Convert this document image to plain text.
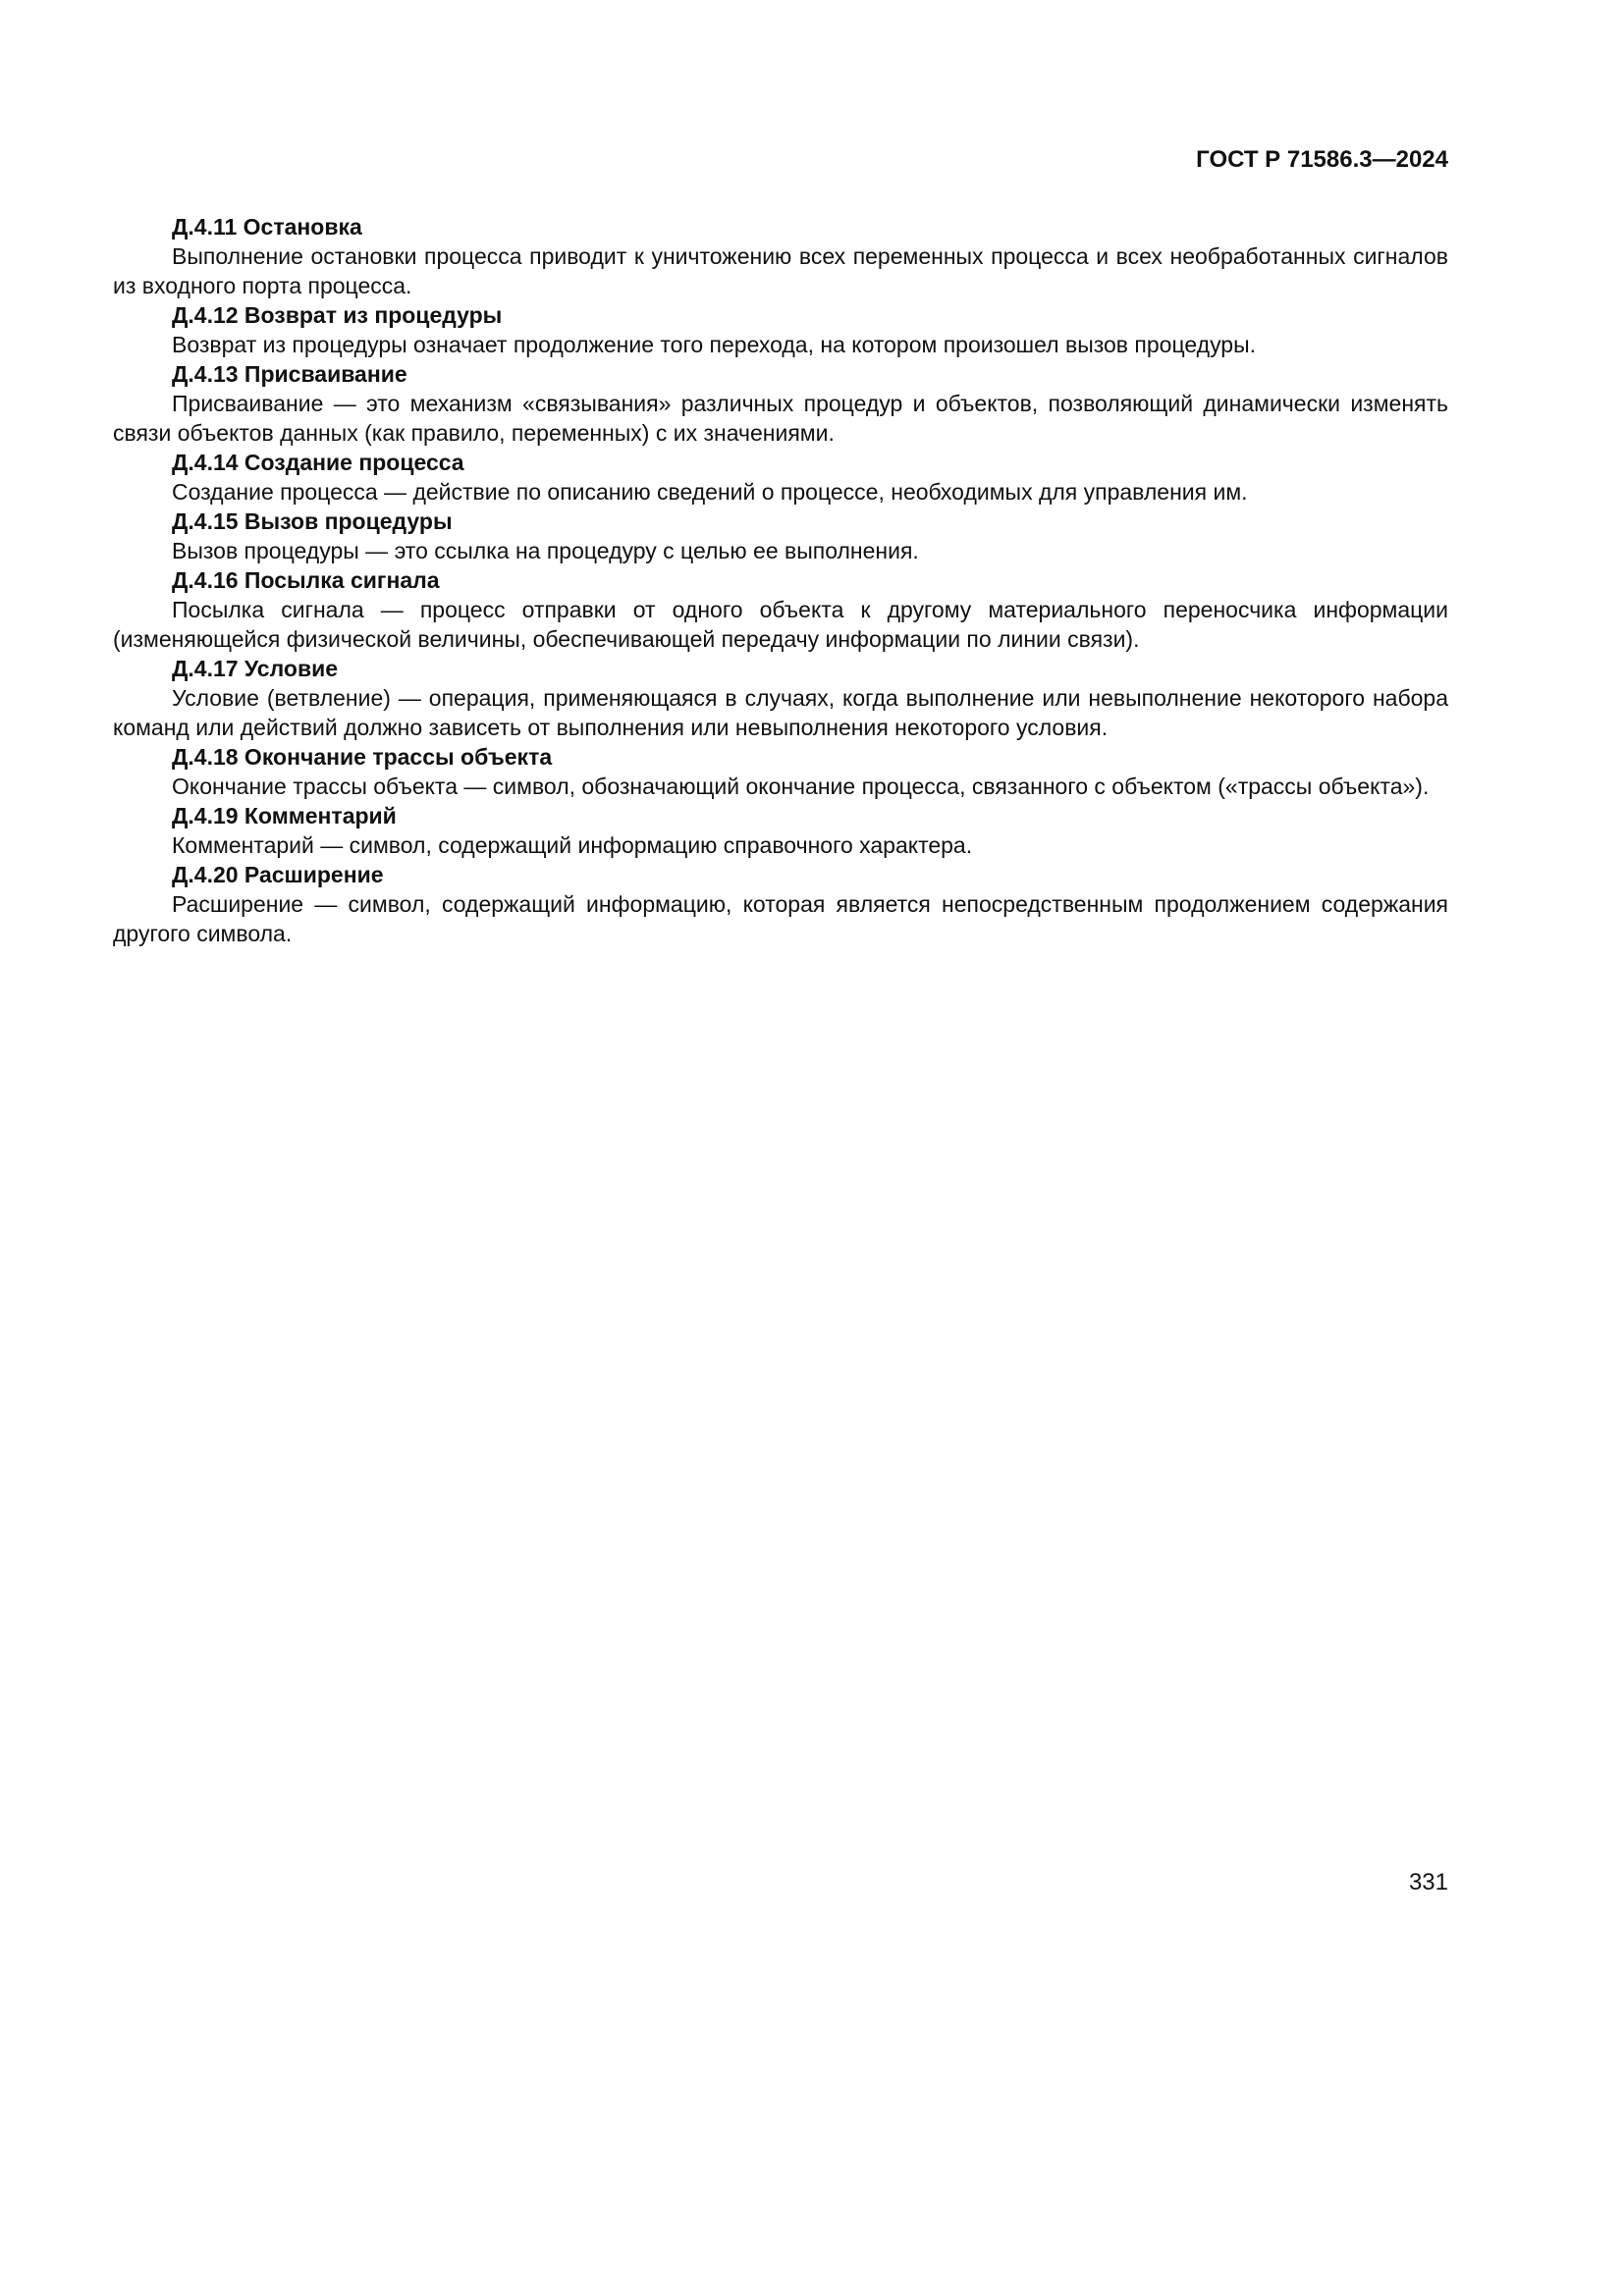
ГОСТ Р 71586.3—2024

Д.4.11 Остановка

Выполнение остановки процесса приводит к уничтожению всех переменных процесса и всех необработанных сигналов из входного порта процесса.

Д.4.12 Возврат из процедуры

Возврат из процедуры означает продолжение того перехода, на котором произошел вызов процедуры.

Д.4.13 Присваивание

Присваивание — это механизм «связывания» различных процедур и объектов, позволяющий динамически изменять связи объектов данных (как правило, переменных) с их значениями.

Д.4.14 Создание процесса

Создание процесса — действие по описанию сведений о процессе, необходимых для управления им.

Д.4.15 Вызов процедуры

Вызов процедуры — это ссылка на процедуру с целью ее выполнения.

Д.4.16 Посылка сигнала

Посылка сигнала — процесс отправки от одного объекта к другому материального переносчика информации (изменяющейся физической величины, обеспечивающей передачу информации по линии связи).

Д.4.17 Условие

Условие (ветвление) — операция, применяющаяся в случаях, когда выполнение или невыполнение некоторого набора команд или действий должно зависеть от выполнения или невыполнения некоторого условия.

Д.4.18 Окончание трассы объекта

Окончание трассы объекта — символ, обозначающий окончание процесса, связанного с объектом («трассы объекта»).

Д.4.19 Комментарий

Комментарий — символ, содержащий информацию справочного характера.

Д.4.20 Расширение

Расширение — символ, содержащий информацию, которая является непосредственным продолжением содержания другого символа.

331
